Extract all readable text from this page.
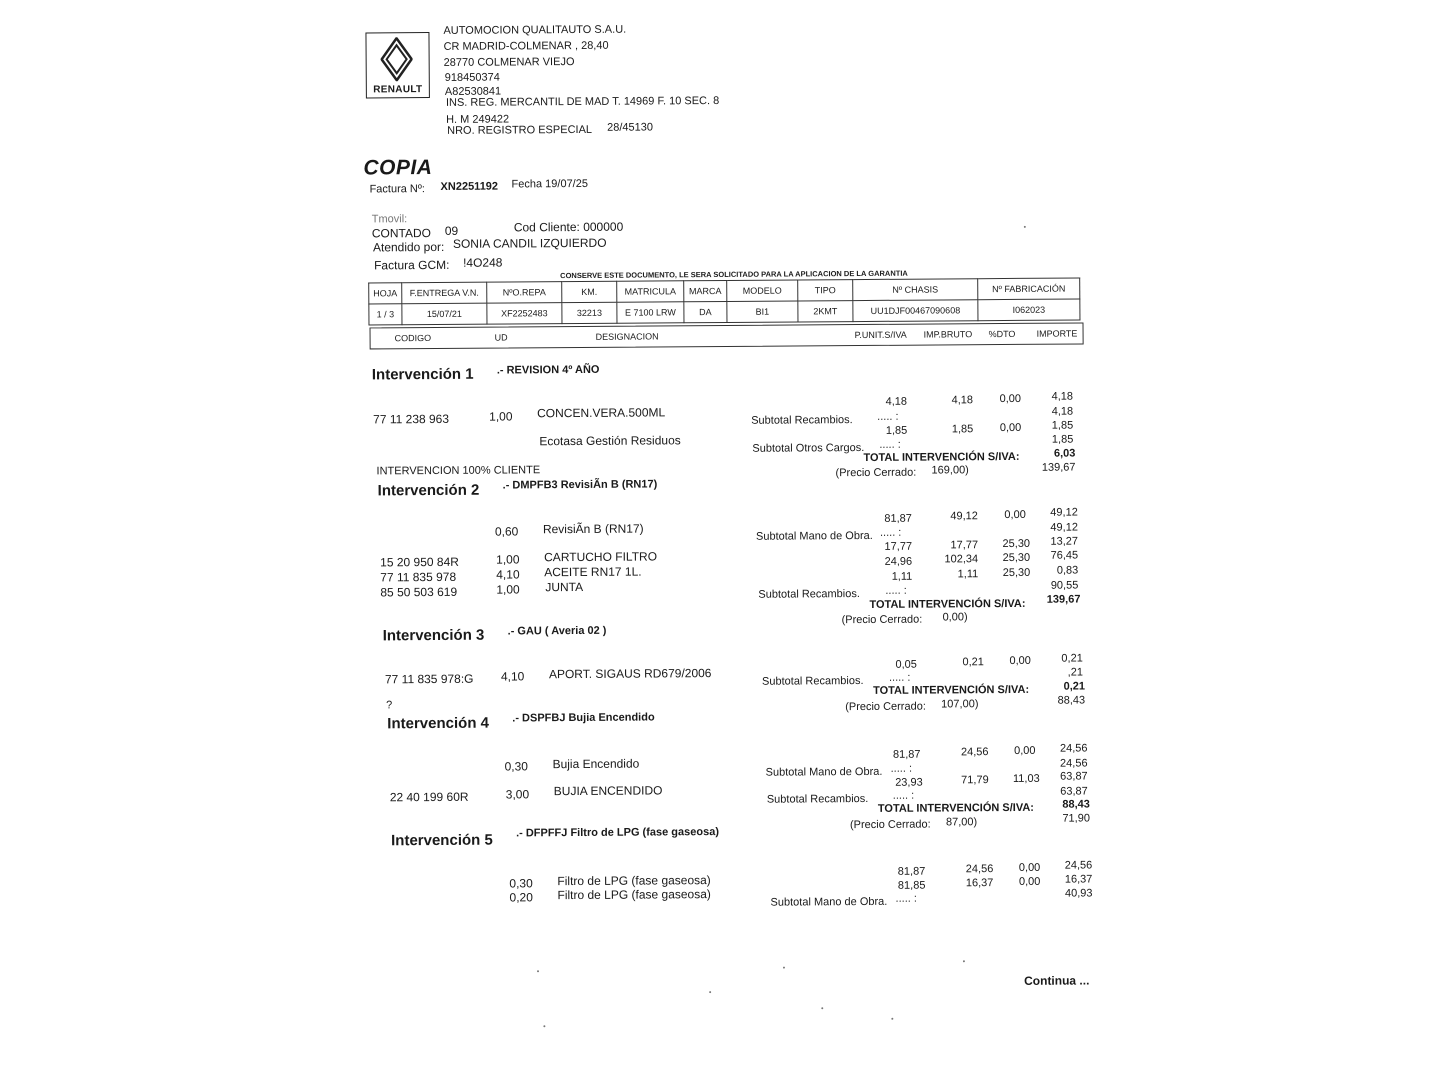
RENAULT
AUTOMOCION QUALITAUTO S.A.U.
CR MADRID-COLMENAR , 28,40
28770 COLMENAR VIEJO
918450374
A82530841
INS. REG. MERCANTIL DE MAD T. 14969 F. 10 SEC. 8
H. M 249422
NRO. REGISTRO ESPECIAL 28/45130
COPIA
Factura Nº: XN2251192 Fecha 19/07/25
Tmovil:
CONTADO 09	Cod Cliente: 000000
Atendido por: SONIA CANDIL IZQUIERDO
Factura GCM: !4O248
CONSERVE ESTE DOCUMENTO, LE SERA SOLICITADO PARA LA APLICACION DE LA GARANTIA
HOJA	F.ENTREGA V.N.	NºO.REPA	KM.	MATRICULA	MARCA	MODELO	TIPO	Nº CHASIS	Nº FABRICACIÓN
1 / 3	15/07/21	XF2252483	32213	E 7100 LRW	DA	BI1	2KMT	UU1DJF00467090608	I062023
CODIGO	UD	DESIGNACION	P.UNIT.S/IVA IMP.BRUTO %DTO IMPORTE
Intervención 1 .- REVISION 4º AÑO
77 11 238 963	1,00 CONCEN.VERA.500ML
Ecotasa Gestión Residuos
4,18	4,18	0,00	4,18
Subtotal Recambios. ..... :	4,18
1,85	1,85	0,00	1,85
Subtotal Otros Cargos. ..... :	1,85
TOTAL INTERVENCIÓN S/IVA:	6,03
(Precio Cerrado: 169,00)	139,67
INTERVENCION 100% CLIENTE
Intervención 2 .- DMPFB3 RevisiÃn B (RN17)
0,60 RevisiÃn B (RN17)
15 20 950 84R	1,00 CARTUCHO FILTRO
77 11 835 978	4,10 ACEITE RN17 1L.
85 50 503 619	1,00 JUNTA
81,87	49,12	0,00	49,12
Subtotal Mano de Obra. ..... :	49,12
17,77	17,77	25,30	13,27
24,96	102,34	25,30	76,45
1,11	1,11	25,30	0,83
Subtotal Recambios. ..... :	90,55
TOTAL INTERVENCIÓN S/IVA:	139,67
(Precio Cerrado: 0,00)
Intervención 3 .- GAU ( Averia 02 )
77 11 835 978:G 4,10 APORT. SIGAUS RD679/2006
0,05	0,21	0,00	0,21
Subtotal Recambios. ..... :	,21
TOTAL INTERVENCIÓN S/IVA:	0,21
(Precio Cerrado: 107,00)	88,43
?
Intervención 4 .- DSPFBJ Bujia Encendido
0,30 Bujia Encendido
22 40 199 60R	3,00 BUJIA ENCENDIDO
81,87	24,56	0,00	24,56
Subtotal Mano de Obra. ..... :	24,56
23,93	71,79	11,03	63,87
Subtotal Recambios. ..... :	63,87
TOTAL INTERVENCIÓN S/IVA:	88,43
(Precio Cerrado: 87,00)	71,90
Intervención 5 .- DFPFFJ Filtro de LPG (fase gaseosa)
0,30 Filtro de LPG (fase gaseosa)
0,20 Filtro de LPG (fase gaseosa)
81,87	24,56	0,00	24,56
81,85	16,37	0,00	16,37
Subtotal Mano de Obra. ..... :	40,93
Continua ...
